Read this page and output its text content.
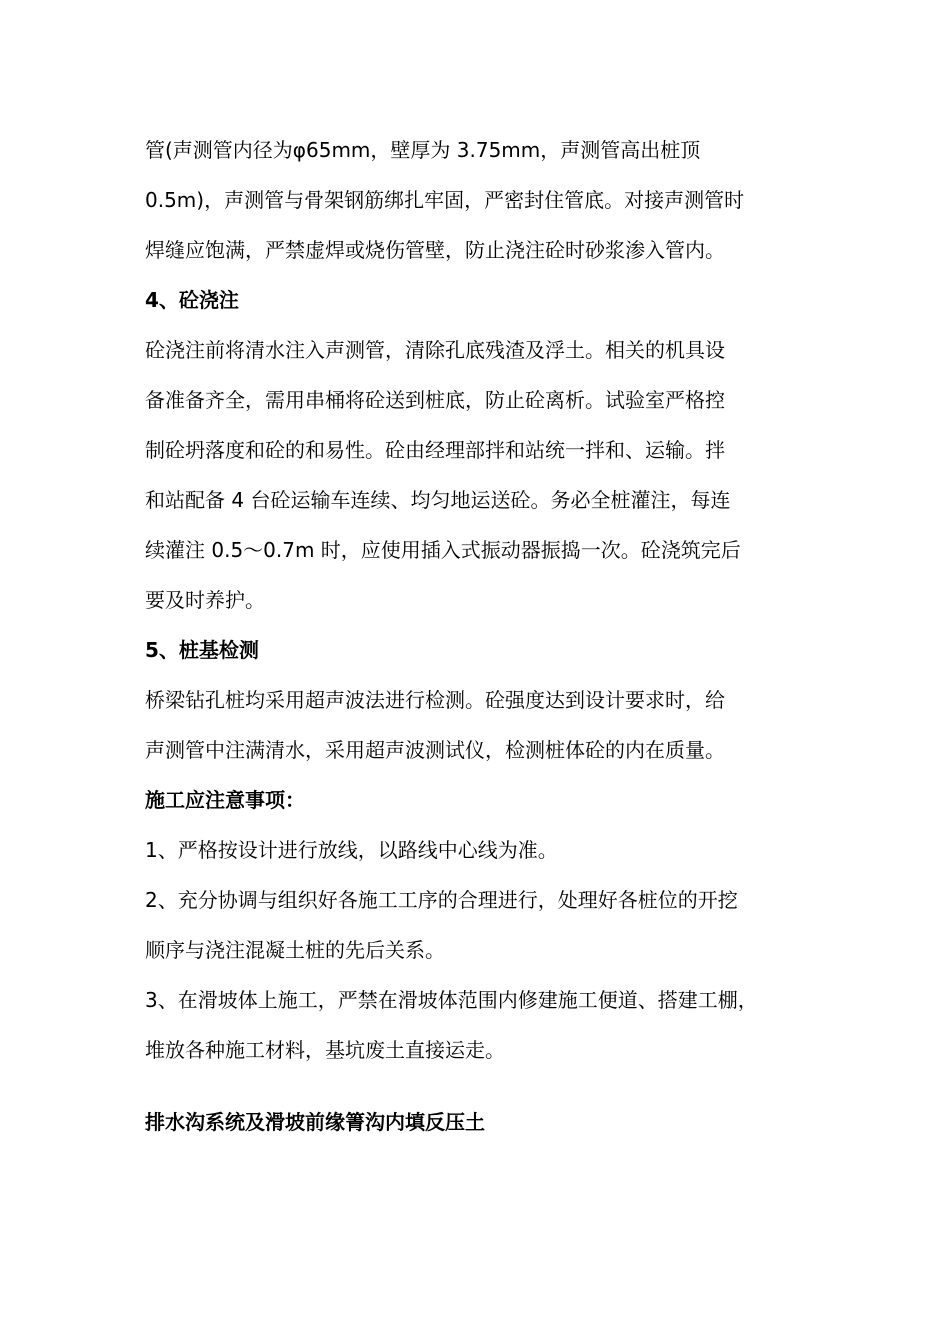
管(声测管内径为φ65mm，壁厚为 3.75mm，声测管高出桩顶
0.5m)，声测管与骨架钢筋绑扎牢固，严密封住管底。对接声测管时
焊缝应饱满，严禁虚焊或烧伤管壁，防止浇注砼时砂浆渗入管内。
4、砼浇注
砼浇注前将清水注入声测管，清除孔底残渣及浮土。相关的机具设
备准备齐全，需用串桶将砼送到桩底，防止砼离析。试验室严格控
制砼坍落度和砼的和易性。砼由经理部拌和站统一拌和、运输。拌
和站配备 4 台砼运输车连续、均匀地运送砼。务必全桩灌注，每连
续灌注 0.5～0.7m 时，应使用插入式振动器振捣一次。砼浇筑完后
要及时养护。
5、桩基检测
桥梁钻孔桩均采用超声波法进行检测。砼强度达到设计要求时，给
声测管中注满清水，采用超声波测试仪，检测桩体砼的内在质量。
施工应注意事项：
1、严格按设计进行放线，以路线中心线为准。
2、充分协调与组织好各施工工序的合理进行，处理好各桩位的开挖
顺序与浇注混凝土桩的先后关系。
3、在滑坡体上施工，严禁在滑坡体范围内修建施工便道、搭建工棚，
堆放各种施工材料，基坑废土直接运走。
排水沟系统及滑坡前缘箐沟内填反压土
